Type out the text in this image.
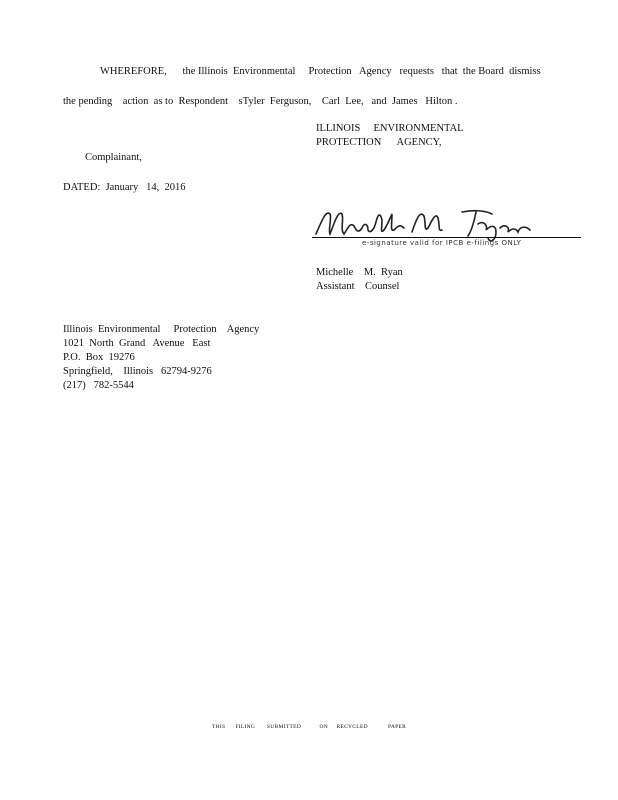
WHEREFORE,      the Illinois  Environmental     Protection   Agency   requests   that  the Board  dismiss
the pending    action  as to  Respondent    sTyler  Ferguson,    Carl  Lee,   and  James   Hilton .
ILLINOIS     ENVIRONMENTAL
PROTECTION      AGENCY,
Complainant,
DATED:  January   14,  2016
e-signature valid for IPCB e-filings ONLY
Michelle    M.  Ryan
Assistant    Counsel
Illinois  Environmental     Protection    Agency
1021  North  Grand   Avenue   East
P.O.  Box  19276
Springfield,    Illinois   62794-9276
(217)   782-5544
THIS      FILING       SUBMITTED           ON     RECYCLED            PAPER
